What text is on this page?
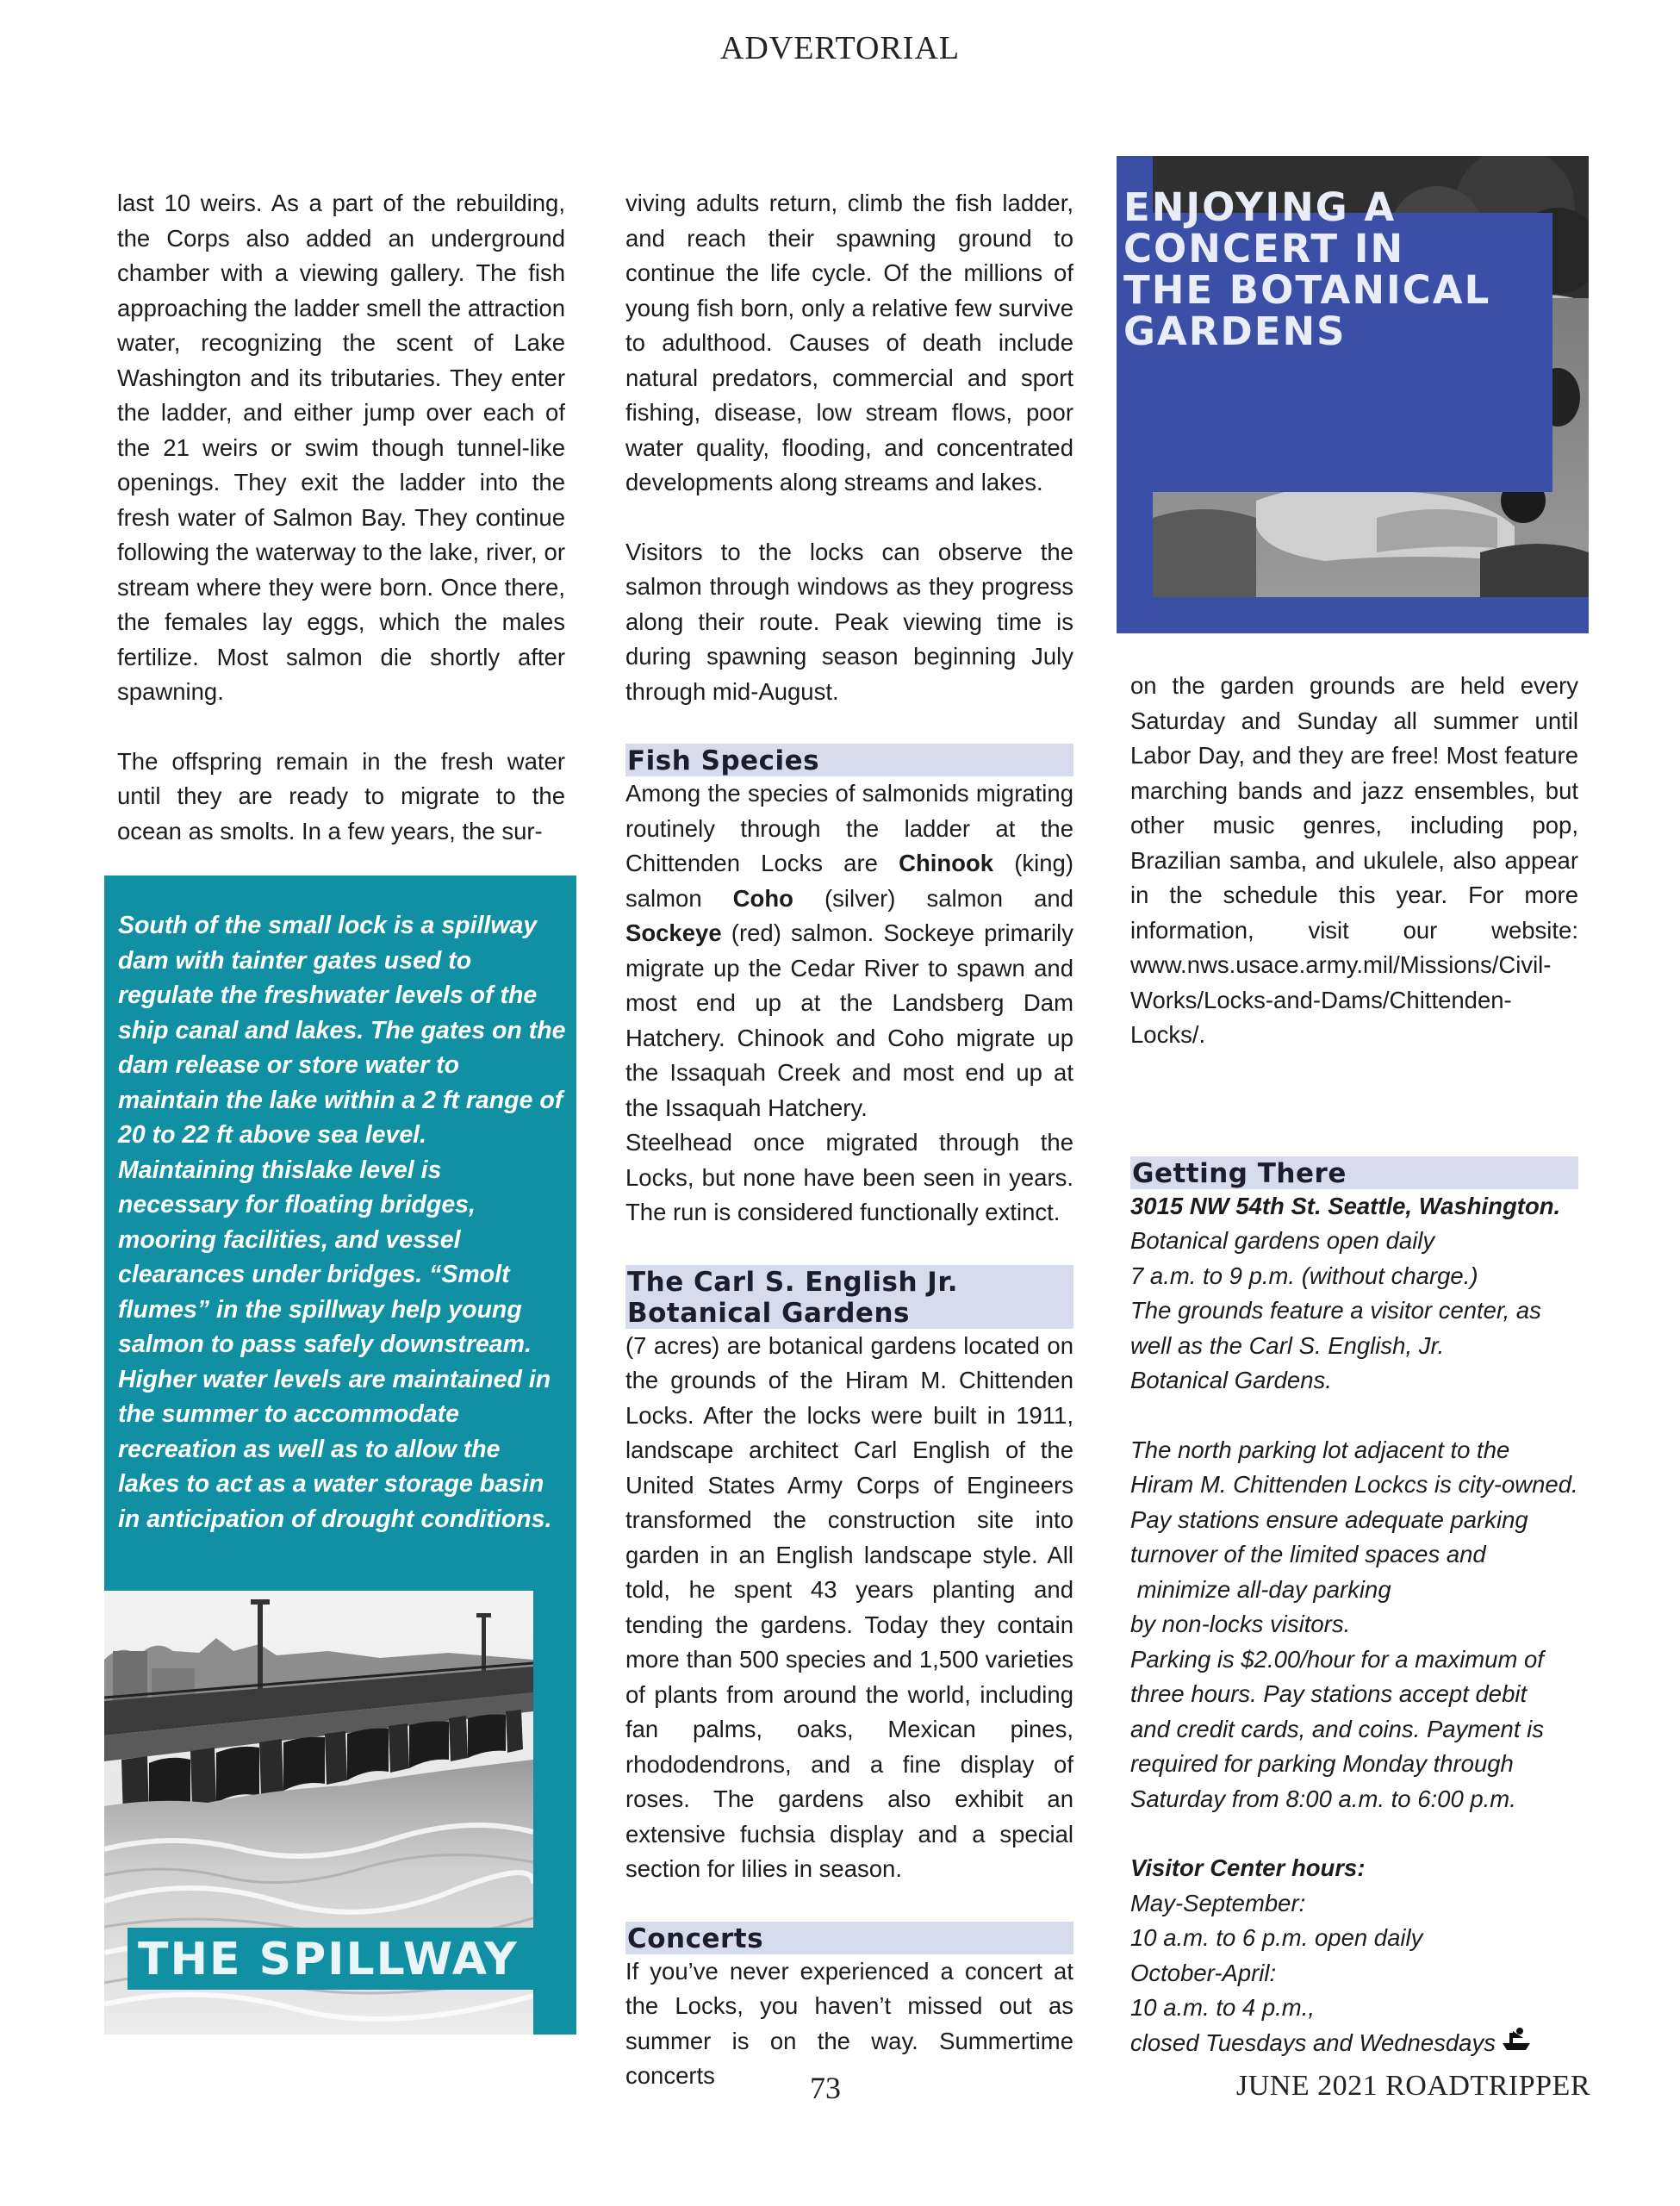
ADVERTORIAL

last 10 weirs. As a part of the rebuilding, the Corps also added an underground chamber with a viewing gallery. The fish approaching the ladder smell the attraction water, recognizing the scent of Lake Washington and its tributaries. They enter the ladder, and either jump over each of the 21 weirs or swim though tunnel-like openings. They exit the ladder into the fresh water of Salmon Bay. They continue following the waterway to the lake, river, or stream where they were born. Once there, the females lay eggs, which the males fertilize. Most salmon die shortly after spawning.

The offspring remain in the fresh water until they are ready to migrate to the ocean as smolts. In a few years, the sur-

South of the small lock is a spillway dam with tainter gates used to regulate the freshwater levels of the ship canal and lakes. The gates on the dam release or store water to maintain the lake within a 2 ft range of 20 to 22 ft above sea level. Maintaining thislake level is necessary for floating bridges, mooring facilities, and vessel clearances under bridges. “Smolt flumes” in the spillway help young salmon to pass safely downstream. Higher water levels are maintained in the summer to accommodate recreation as well as to allow the lakes to act as a water storage basin in anticipation of drought conditions.

THE SPILLWAY

viving adults return, climb the fish ladder, and reach their spawning ground to continue the life cycle. Of the millions of young fish born, only a relative few survive to adulthood. Causes of death include natural predators, commercial and sport fishing, disease, low stream flows, poor water quality, flooding, and concentrated developments along streams and lakes.

Visitors to the locks can observe the salmon through windows as they progress along their route. Peak viewing time is during spawning season beginning July through mid-August.

Fish Species

Among the species of salmonids migrating routinely through the ladder at the Chittenden Locks are Chinook (king) salmon Coho (silver) salmon and Sockeye (red) salmon. Sockeye primarily migrate up the Cedar River to spawn and most end up at the Landsberg Dam Hatchery. Chinook and Coho migrate up the Issaquah Creek and most end up at the Issaquah Hatchery.

Steelhead once migrated through the Locks, but none have been seen in years. The run is considered functionally extinct.

The Carl S. English Jr. Botanical Gardens

(7 acres) are botanical gardens located on the grounds of the Hiram M. Chittenden Locks. After the locks were built in 1911, landscape architect Carl English of the United States Army Corps of Engineers transformed the construction site into garden in an English landscape style. All told, he spent 43 years planting and tending the gardens. Today they contain more than 500 species and 1,500 varieties of plants from around the world, including fan palms, oaks, Mexican pines, rhododendrons, and a fine display of roses. The gardens also exhibit an extensive fuchsia display and a special section for lilies in season.

Concerts

If you’ve never experienced a concert at the Locks, you haven’t missed out as summer is on the way. Summertime concerts

ENJOYING A
CONCERT IN
THE BOTANICAL
GARDENS

on the garden grounds are held every Saturday and Sunday all summer until Labor Day, and they are free! Most feature marching bands and jazz ensembles, but other music genres, including pop, Brazilian samba, and ukulele, also appear in the schedule this year. For more information, visit our website: www.nws.usace.army.mil/Missions/Civil-Works/Locks-and-Dams/Chittenden-Locks/.

Getting There

3015 NW 54th St. Seattle, Washington.

Botanical gardens open daily

7 a.m. to 9 p.m. (without charge.)

The grounds feature a visitor center, as

well as the Carl S. English, Jr.

Botanical Gardens.

The north parking lot adjacent to the

Hiram M. Chittenden Lockcs is city-owned.

Pay stations ensure adequate parking

turnover of the limited spaces and

minimize all-day parking

by non-locks visitors.

Parking is $2.00/hour for a maximum of

three hours. Pay stations accept debit

and credit cards, and coins. Payment is

required for parking Monday through

Saturday from 8:00 a.m. to 6:00 p.m.

Visitor Center hours:

May-September:

10 a.m. to 6 p.m. open daily

October-April:

10 a.m. to 4 p.m.,

closed Tuesdays and Wednesdays

73	JUNE 2021 ROADTRIPPER
